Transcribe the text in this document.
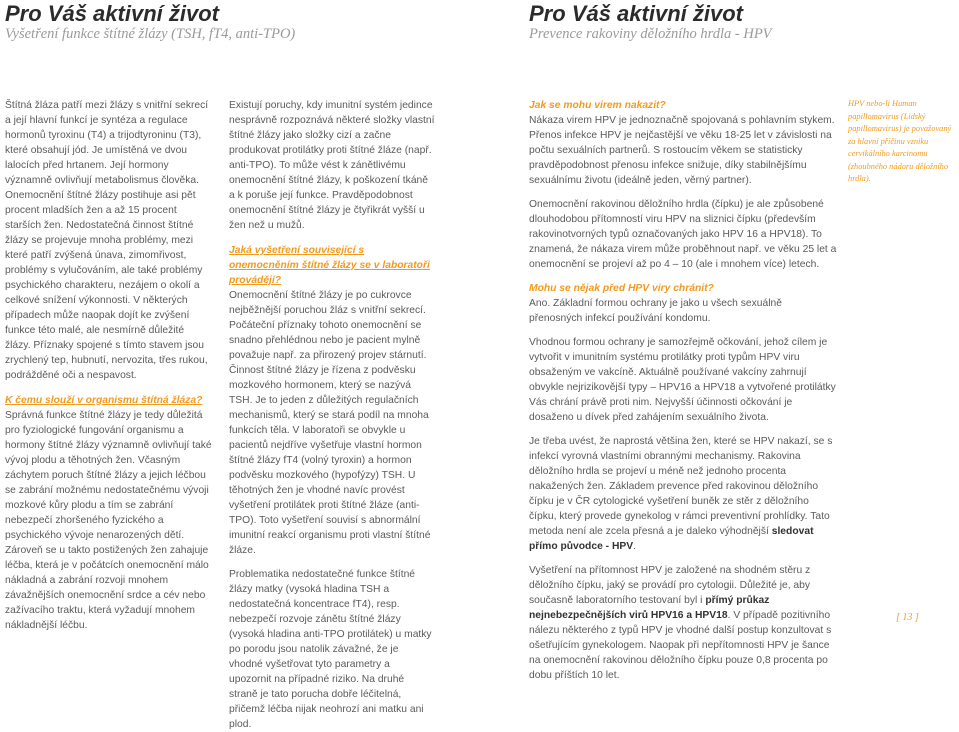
Pro Váš aktivní život

Vyšetření funkce štítné žlázy (TSH, fT4, anti-TPO)

Pro Váš aktivní život

Prevence rakoviny děložního hrdla - HPV

Štítná žláza patří mezi žlázy s vnitřní sekrecí a její hlavní funkcí je syntéza a regulace hormonů tyroxinu (T4) a trijodtyroninu (T3), které obsahují jód. Je umístěná ve dvou lalocích před hrtanem. Její hormony významně ovlivňují metabolismus člověka. Onemocnění štítné žlázy postihuje asi pět procent mladších žen a až 15 procent starších žen. Nedostatečná činnost štítné žlázy se projevuje mnoha problémy, mezi které patří zvýšená únava, zimomřivost, problémy s vylučováním, ale také problémy psychického charakteru, nezájem o okolí a celkové snížení výkonnosti. V některých případech může naopak dojít ke zvýšení funkce této malé, ale nesmírně důležité žlázy. Příznaky spojené s tímto stavem jsou zrychlený tep, hubnutí, nervozita, třes rukou, podrážděné oči a nespavost.

K čemu slouží v organismu štítná žláza?

Správná funkce štítné žlázy je tedy důležitá pro fyziologické fungování organismu a hormony štítné žlázy významně ovlivňují také vývoj plodu a těhotných žen. Včasným záchytem poruch štítné žlázy a jejich léčbou se zabrání možnému nedostatečnému vývoji mozkové kůry plodu a tím se zabrání nebezpečí zhoršeného fyzického a psychického vývoje nenarozených dětí. Zároveň se u takto postižených žen zahajuje léčba, která je v počátcích onemocnění málo nákladná a zabrání rozvoji mnohem závažnějších onemocnění srdce a cév nebo zažívacího traktu, která vyžadují mnohem nákladnější léčbu.

Existují poruchy, kdy imunitní systém jedince nesprávně rozpoznává některé složky vlastní štítné žlázy jako složky cizí a začne produkovat protilátky proti štítné žláze (např. anti-TPO). To může vést k zánětlivému onemocnění štítné žlázy, k poškození tkáně a k poruše její funkce. Pravděpodobnost onemocnění štítné žlázy je čtyřikrát vyšší u žen než u mužů.

Jaká vyšetření související s onemocněním štítné žlázy se v laboratoři provádějí?

Onemocnění štítné žlázy je po cukrovce nejběžnější poruchou žláz s vnitřní sekrecí. Počáteční příznaky tohoto onemocnění se snadno přehlédnou nebo je pacient mylně považuje např. za přirozený projev stárnutí. Činnost štítné žlázy je řízena z podvěsku mozkového hormonem, který se nazývá TSH. Je to jeden z důležitých regulačních mechanismů, který se stará podíl na mnoha funkcích těla. V laboratoři se obvykle u pacientů nejdříve vyšetřuje vlastní hormon štítné žlázy fT4 (volný tyroxin) a hormon podvěsku mozkového (hypofýzy) TSH. U těhotných žen je vhodné navíc provést vyšetření protilátek proti štítné žláze (anti-TPO). Toto vyšetření souvisí s abnormální imunitní reakcí organismu proti vlastní štítné žláze.

Problematika nedostatečné funkce štítné žlázy matky (vysoká hladina TSH a nedostatečná koncentrace fT4), resp. nebezpečí rozvoje zánětu štítné žlázy (vysoká hladina anti-TPO protilátek) u matky po porodu jsou natolik závažné, že je vhodné vyšetřovat tyto parametry a upozornit na případné riziko. Na druhé straně je tato porucha dobře léčitelná, přičemž léčba nijak neohrozí ani matku ani plod.

Jak se mohu virem nakazit?

Nákaza virem HPV je jednoznačně spojovaná s pohlavním stykem. Přenos infekce HPV je nejčastější ve věku 18-25 let v závislosti na počtu sexuálních partnerů. S rostoucím věkem se statisticky pravděpodobnost přenosu infekce snižuje, díky stabilnějšímu sexuálnímu životu (ideálně jeden, věrný partner).

Onemocnění rakovinou děložního hrdla (čípku) je ale způsobené dlouhodobou přítomností viru HPV na sliznici čípku (především rakovinotvorných typů označovaných jako HPV 16 a HPV18). To znamená, že nákaza virem může proběhnout např. ve věku 25 let a onemocnění se projeví až po 4 – 10 (ale i mnohem více) letech.

Mohu se nějak před HPV viry chránit?

Ano. Základní formou ochrany je jako u všech sexuálně přenosných infekcí používání kondomu.

Vhodnou formou ochrany je samozřejmě očkování, jehož cílem je vytvořit v imunitním systému protilátky proti typům HPV viru obsaženým ve vakcíně. Aktuálně používané vakcíny zahrnují obvykle nejrizikovější typy – HPV16 a HPV18 a vytvořené protilátky Vás chrání právě proti nim. Nejvyšší účinnosti očkování je dosaženo u dívek před zahájením sexuálního života.

Je třeba uvést, že naprostá většina žen, které se HPV nakazí, se s infekcí vyrovná vlastními obrannými mechanismy. Rakovina děložního hrdla se projeví u méně než jednoho procenta nakažených žen. Základem prevence před rakovinou děložního čípku je v ČR cytologické vyšetření buněk ze stěr z děložního čípku, který provede gynekolog v rámci preventivní prohlídky. Tato metoda není ale zcela přesná a je daleko výhodnější sledovat přímo původce - HPV.

Vyšetření na přítomnost HPV je založené na shodném stěru z děložního čípku, jaký se provádí pro cytologii. Důležité je, aby současně laboratorního testovaní byl i přímý průkaz nejnebezpečnějších virů HPV16 a HPV18. V případě pozitivního nálezu některého z typů HPV je vhodné další postup konzultovat s ošetřujícím gynekologem. Naopak při nepřítomnosti HPV je šance na onemocnění rakovinou děložního čípku pouze 0,8 procenta po dobu příštích 10 let.

HPV nebo-li Human papillomavirus (Lidský papillomavirus) je považovaný za hlavní příčinu vzniku cervikálního karcinomu (zhoubného nádoru děložního hrdla).
[ 13 ]
